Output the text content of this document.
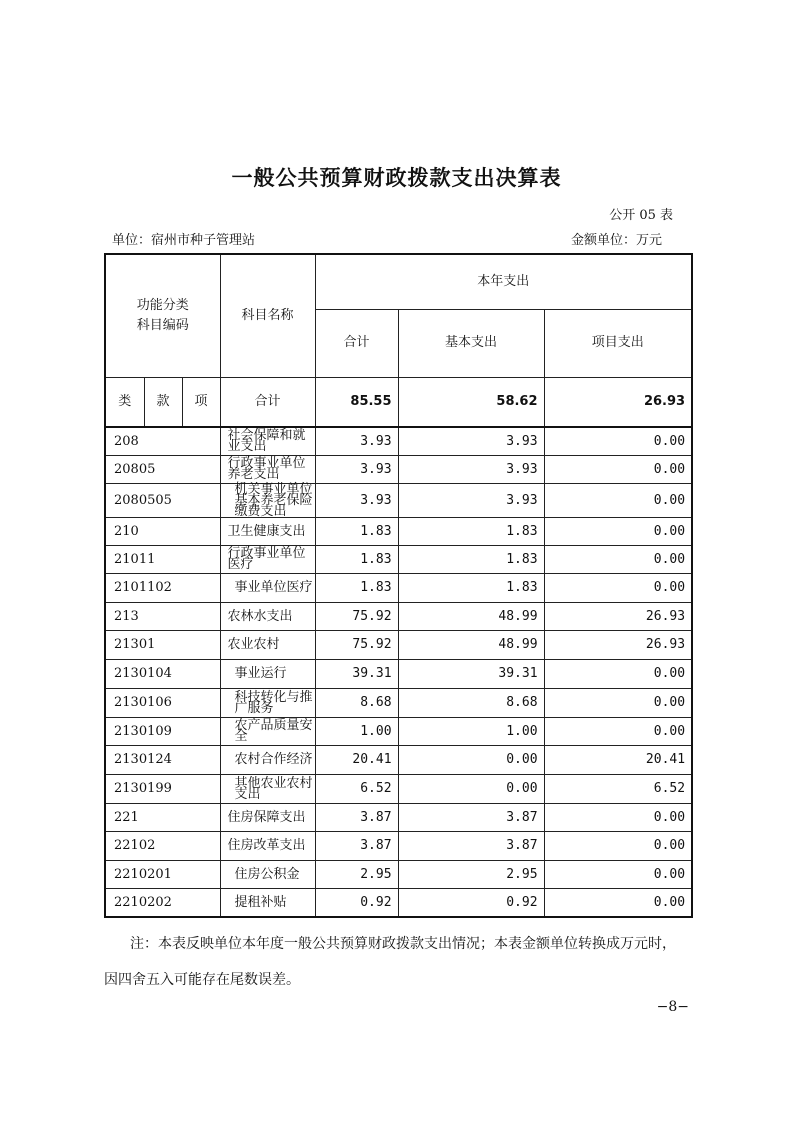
一般公共预算财政拨款支出决算表
公开 05 表
单位：宿州市种子管理站	金额单位：万元
功能分类
科目编码			科目名称	本年支出		
				合计	基本支出	项目支出
类	款	项	合计	85.55	58.62	26.93
208			社会保障和就业支出	3.93	3.93	0.00
20805			行政事业单位养老支出	3.93	3.93	0.00
2080505			机关事业单位基本养老保险缴费支出	3.93	3.93	0.00
210			卫生健康支出	1.83	1.83	0.00
21011			行政事业单位医疗	1.83	1.83	0.00
2101102			事业单位医疗	1.83	1.83	0.00
213			农林水支出	75.92	48.99	26.93
21301			农业农村	75.92	48.99	26.93
2130104			事业运行	39.31	39.31	0.00
2130106			科技转化与推广服务	8.68	8.68	0.00
2130109			农产品质量安全	1.00	1.00	0.00
2130124			农村合作经济	20.41	0.00	20.41
2130199			其他农业农村支出	6.52	0.00	6.52
221			住房保障支出	3.87	3.87	0.00
22102			住房改革支出	3.87	3.87	0.00
2210201			住房公积金	2.95	2.95	0.00
2210202			提租补贴	0.92	0.92	0.00
注：本表反映单位本年度一般公共预算财政拨款支出情况；本表金额单位转换成万元时，
因四舍五入可能存在尾数误差。
−8−
